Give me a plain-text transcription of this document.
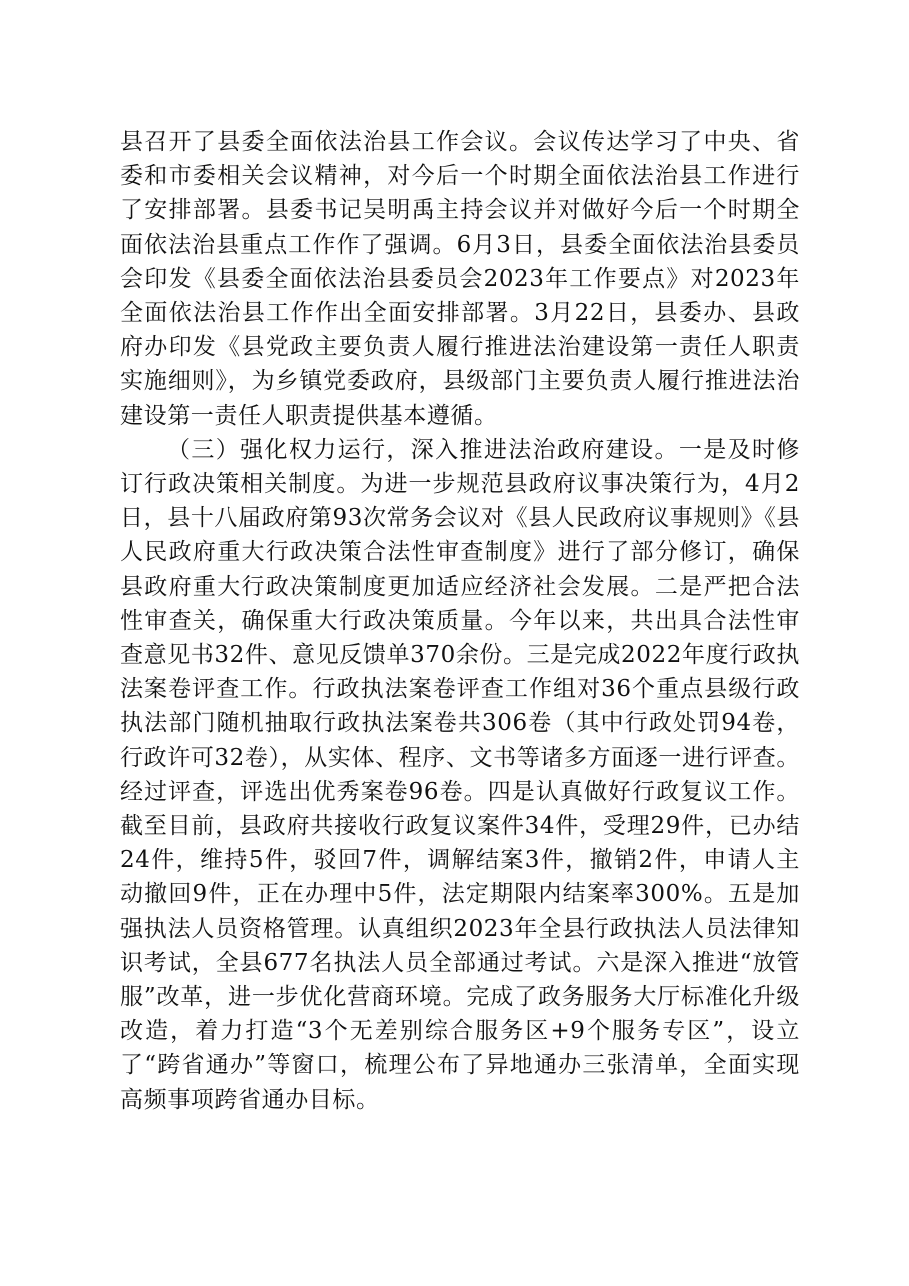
县召开了县委全面依法治县工作会议。会议传达学习了中央、省委和市委相关会议精神，对今后一个时期全面依法治县工作进行了安排部署。县委书记吴明禹主持会议并对做好今后一个时期全面依法治县重点工作作了强调。6月3日，县委全面依法治县委员会印发《县委全面依法治县委员会2023年工作要点》对2023年全面依法治县工作作出全面安排部署。3月22日，县委办、县政府办印发《县党政主要负责人履行推进法治建设第一责任人职责实施细则》，为乡镇党委政府，县级部门主要负责人履行推进法治建设第一责任人职责提供基本遵循。

（三）强化权力运行，深入推进法治政府建设。一是及时修订行政决策相关制度。为进一步规范县政府议事决策行为，4月2日，县十八届政府第93次常务会议对《县人民政府议事规则》《县人民政府重大行政决策合法性审查制度》进行了部分修订，确保县政府重大行政决策制度更加适应经济社会发展。二是严把合法性审查关，确保重大行政决策质量。今年以来，共出具合法性审查意见书32件、意见反馈单370余份。三是完成2022年度行政执法案卷评查工作。行政执法案卷评查工作组对36个重点县级行政执法部门随机抽取行政执法案卷共306卷（其中行政处罚94卷，行政许可32卷），从实体、程序、文书等诸多方面逐一进行评查。经过评查，评选出优秀案卷96卷。四是认真做好行政复议工作。截至目前，县政府共接收行政复议案件34件，受理29件，已办结24件，维持5件，驳回7件，调解结案3件，撤销2件，申请人主动撤回9件，正在办理中5件，法定期限内结案率300%。五是加强执法人员资格管理。认真组织2023年全县行政执法人员法律知识考试，全县677名执法人员全部通过考试。六是深入推进“放管服”改革，进一步优化营商环境。完成了政务服务大厅标准化升级改造，着力打造“3个无差别综合服务区+9个服务专区”，设立了“跨省通办”等窗口，梳理公布了异地通办三张清单，全面实现高频事项跨省通办目标。
